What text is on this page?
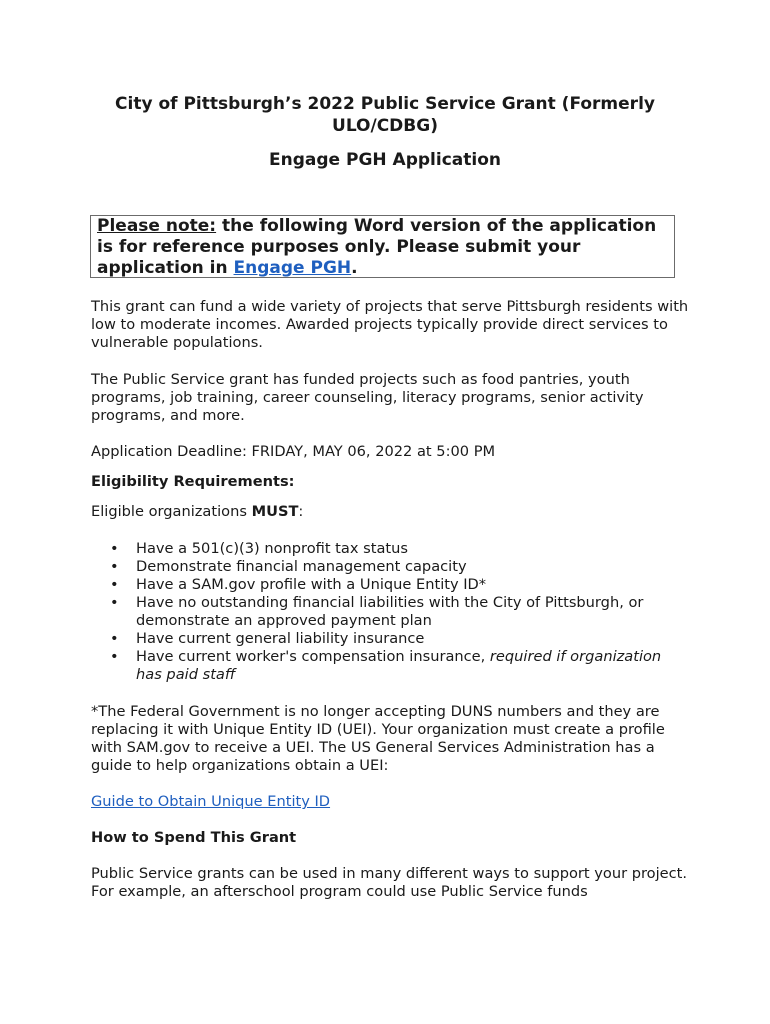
City of Pittsburgh’s 2022 Public Service Grant (Formerly ULO/CDBG)

Engage PGH Application

Please note: the following Word version of the application is for reference purposes only. Please submit your application in Engage PGH.

This grant can fund a wide variety of projects that serve Pittsburgh residents with low to moderate incomes. Awarded projects typically provide direct services to vulnerable populations.

The Public Service grant has funded projects such as food pantries, youth programs, job training, career counseling, literacy programs, senior activity programs, and more.

Application Deadline: FRIDAY, MAY 06, 2022 at 5:00 PM

Eligibility Requirements:

Eligible organizations MUST:

• Have a 501(c)(3) nonprofit tax status
• Demonstrate financial management capacity
• Have a SAM.gov profile with a Unique Entity ID*
• Have no outstanding financial liabilities with the City of Pittsburgh, or demonstrate an approved payment plan
• Have current general liability insurance
• Have current worker's compensation insurance, required if organization has paid staff

*The Federal Government is no longer accepting DUNS numbers and they are replacing it with Unique Entity ID (UEI). Your organization must create a profile with SAM.gov to receive a UEI. The US General Services Administration has a guide to help organizations obtain a UEI:

Guide to Obtain Unique Entity ID

How to Spend This Grant

Public Service grants can be used in many different ways to support your project. For example, an afterschool program could use Public Service funds
